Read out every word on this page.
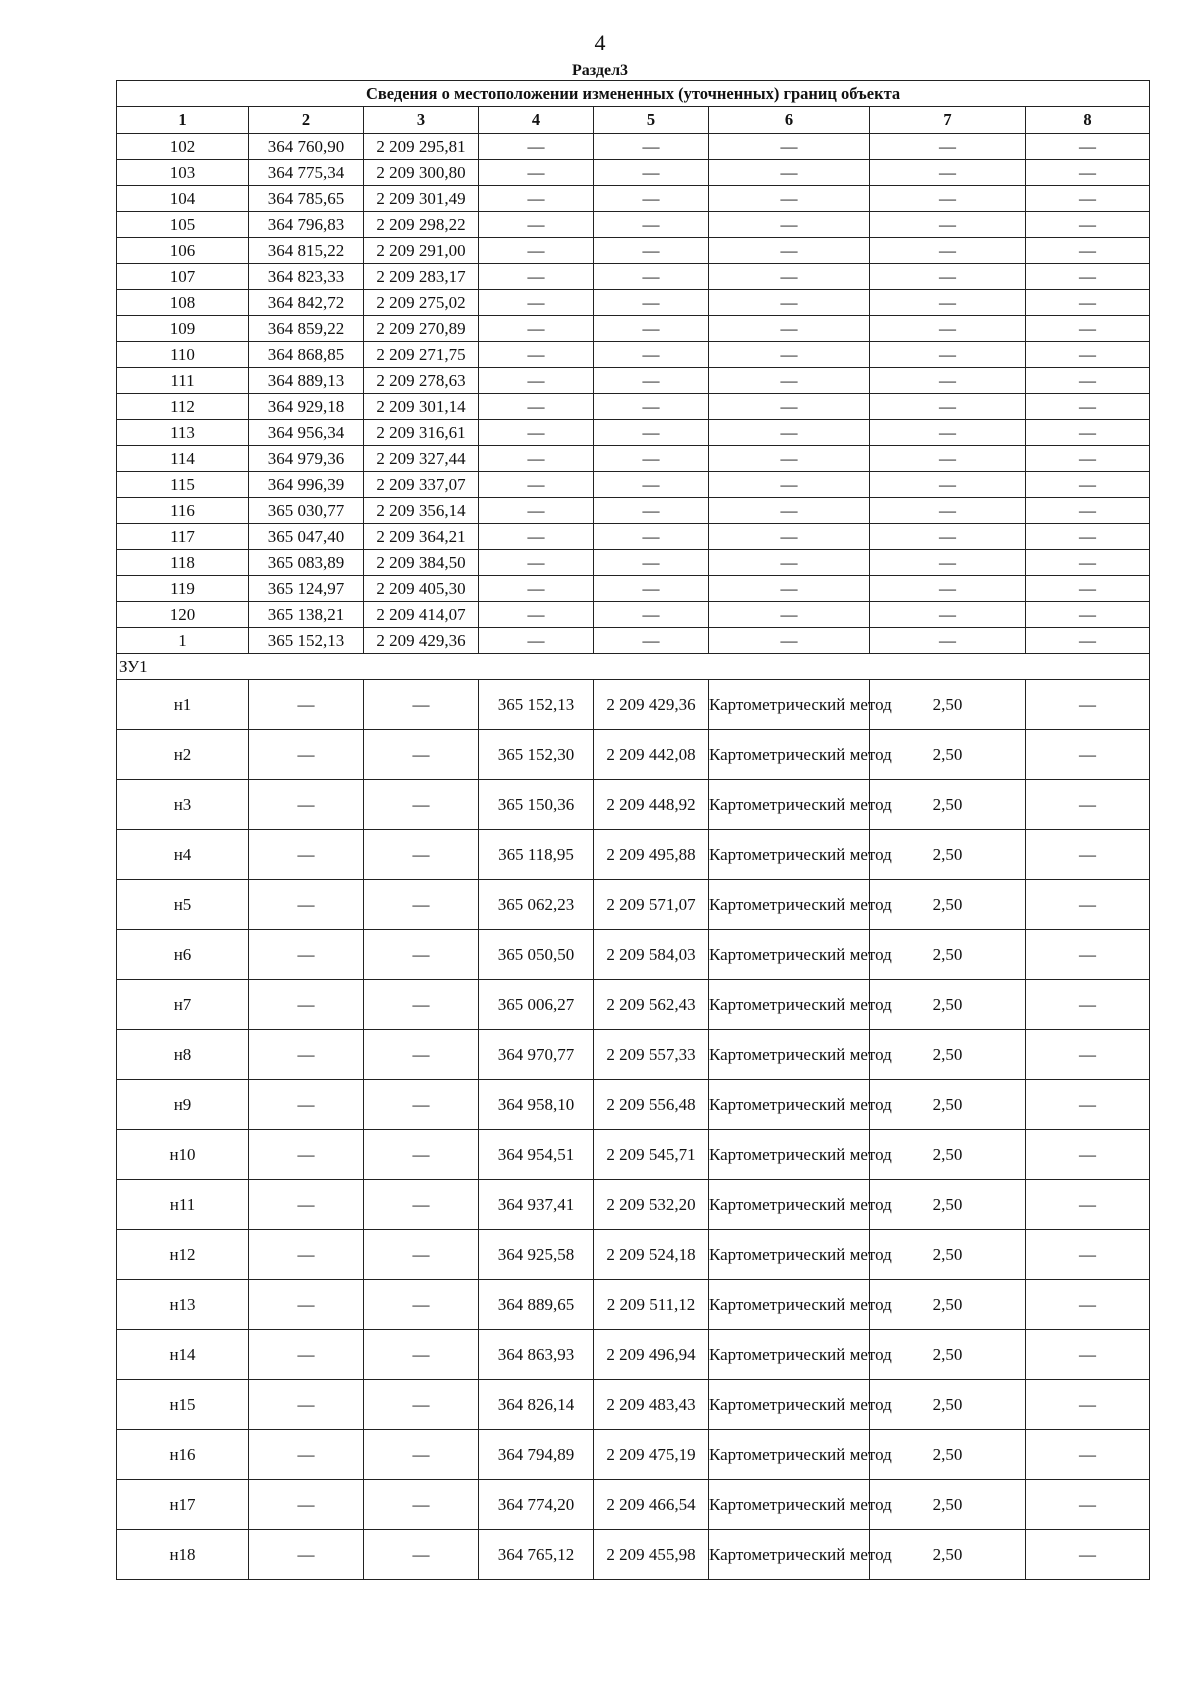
4
Раздел3
Сведения о местоположении измененных (уточненных) границ объекта							
1	2	3	4	5	6	7	8
102	364 760,90	2 209 295,81	—	—	—	—	—
103	364 775,34	2 209 300,80	—	—	—	—	—
104	364 785,65	2 209 301,49	—	—	—	—	—
105	364 796,83	2 209 298,22	—	—	—	—	—
106	364 815,22	2 209 291,00	—	—	—	—	—
107	364 823,33	2 209 283,17	—	—	—	—	—
108	364 842,72	2 209 275,02	—	—	—	—	—
109	364 859,22	2 209 270,89	—	—	—	—	—
110	364 868,85	2 209 271,75	—	—	—	—	—
111	364 889,13	2 209 278,63	—	—	—	—	—
112	364 929,18	2 209 301,14	—	—	—	—	—
113	364 956,34	2 209 316,61	—	—	—	—	—
114	364 979,36	2 209 327,44	—	—	—	—	—
115	364 996,39	2 209 337,07	—	—	—	—	—
116	365 030,77	2 209 356,14	—	—	—	—	—
117	365 047,40	2 209 364,21	—	—	—	—	—
118	365 083,89	2 209 384,50	—	—	—	—	—
119	365 124,97	2 209 405,30	—	—	—	—	—
120	365 138,21	2 209 414,07	—	—	—	—	—
1	365 152,13	2 209 429,36	—	—	—	—	—
ЗУ1							
н1	—	—	365 152,13	2 209 429,36	Картометрический метод	2,50	—
н2	—	—	365 152,30	2 209 442,08	Картометрический метод	2,50	—
н3	—	—	365 150,36	2 209 448,92	Картометрический метод	2,50	—
н4	—	—	365 118,95	2 209 495,88	Картометрический метод	2,50	—
н5	—	—	365 062,23	2 209 571,07	Картометрический метод	2,50	—
н6	—	—	365 050,50	2 209 584,03	Картометрический метод	2,50	—
н7	—	—	365 006,27	2 209 562,43	Картометрический метод	2,50	—
н8	—	—	364 970,77	2 209 557,33	Картометрический метод	2,50	—
н9	—	—	364 958,10	2 209 556,48	Картометрический метод	2,50	—
н10	—	—	364 954,51	2 209 545,71	Картометрический метод	2,50	—
н11	—	—	364 937,41	2 209 532,20	Картометрический метод	2,50	—
н12	—	—	364 925,58	2 209 524,18	Картометрический метод	2,50	—
н13	—	—	364 889,65	2 209 511,12	Картометрический метод	2,50	—
н14	—	—	364 863,93	2 209 496,94	Картометрический метод	2,50	—
н15	—	—	364 826,14	2 209 483,43	Картометрический метод	2,50	—
н16	—	—	364 794,89	2 209 475,19	Картометрический метод	2,50	—
н17	—	—	364 774,20	2 209 466,54	Картометрический метод	2,50	—
н18	—	—	364 765,12	2 209 455,98	Картометрический метод	2,50	—
